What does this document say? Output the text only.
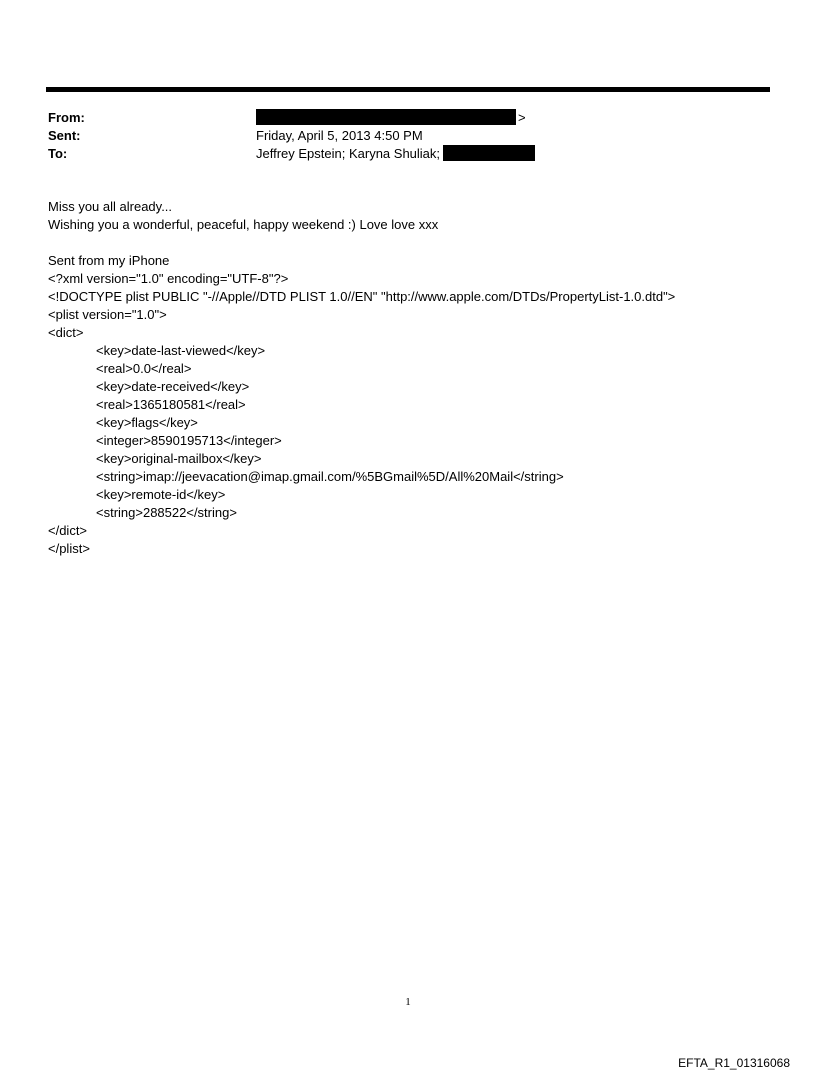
From:	>
Sent:	Friday, April 5, 2013 4:50 PM
To:	Jeffrey Epstein; Karyna Shuliak;
Miss you all already...
Wishing you a wonderful, peaceful, happy weekend :) Love love xxx
Sent from my iPhone
<?xml version="1.0" encoding="UTF-8"?>
<!DOCTYPE plist PUBLIC "-//Apple//DTD PLIST 1.0//EN" "http://www.apple.com/DTDs/PropertyList-1.0.dtd">
<plist version="1.0">
<dict>
<key>date-last-viewed</key>
<real>0.0</real>
<key>date-received</key>
<real>1365180581</real>
<key>flags</key>
<integer>8590195713</integer>
<key>original-mailbox</key>
<string>imap://jeevacation@imap.gmail.com/%5BGmail%5D/All%20Mail</string>
<key>remote-id</key>
<string>288522</string>
</dict>
</plist>
1
EFTA_R1_01316068
